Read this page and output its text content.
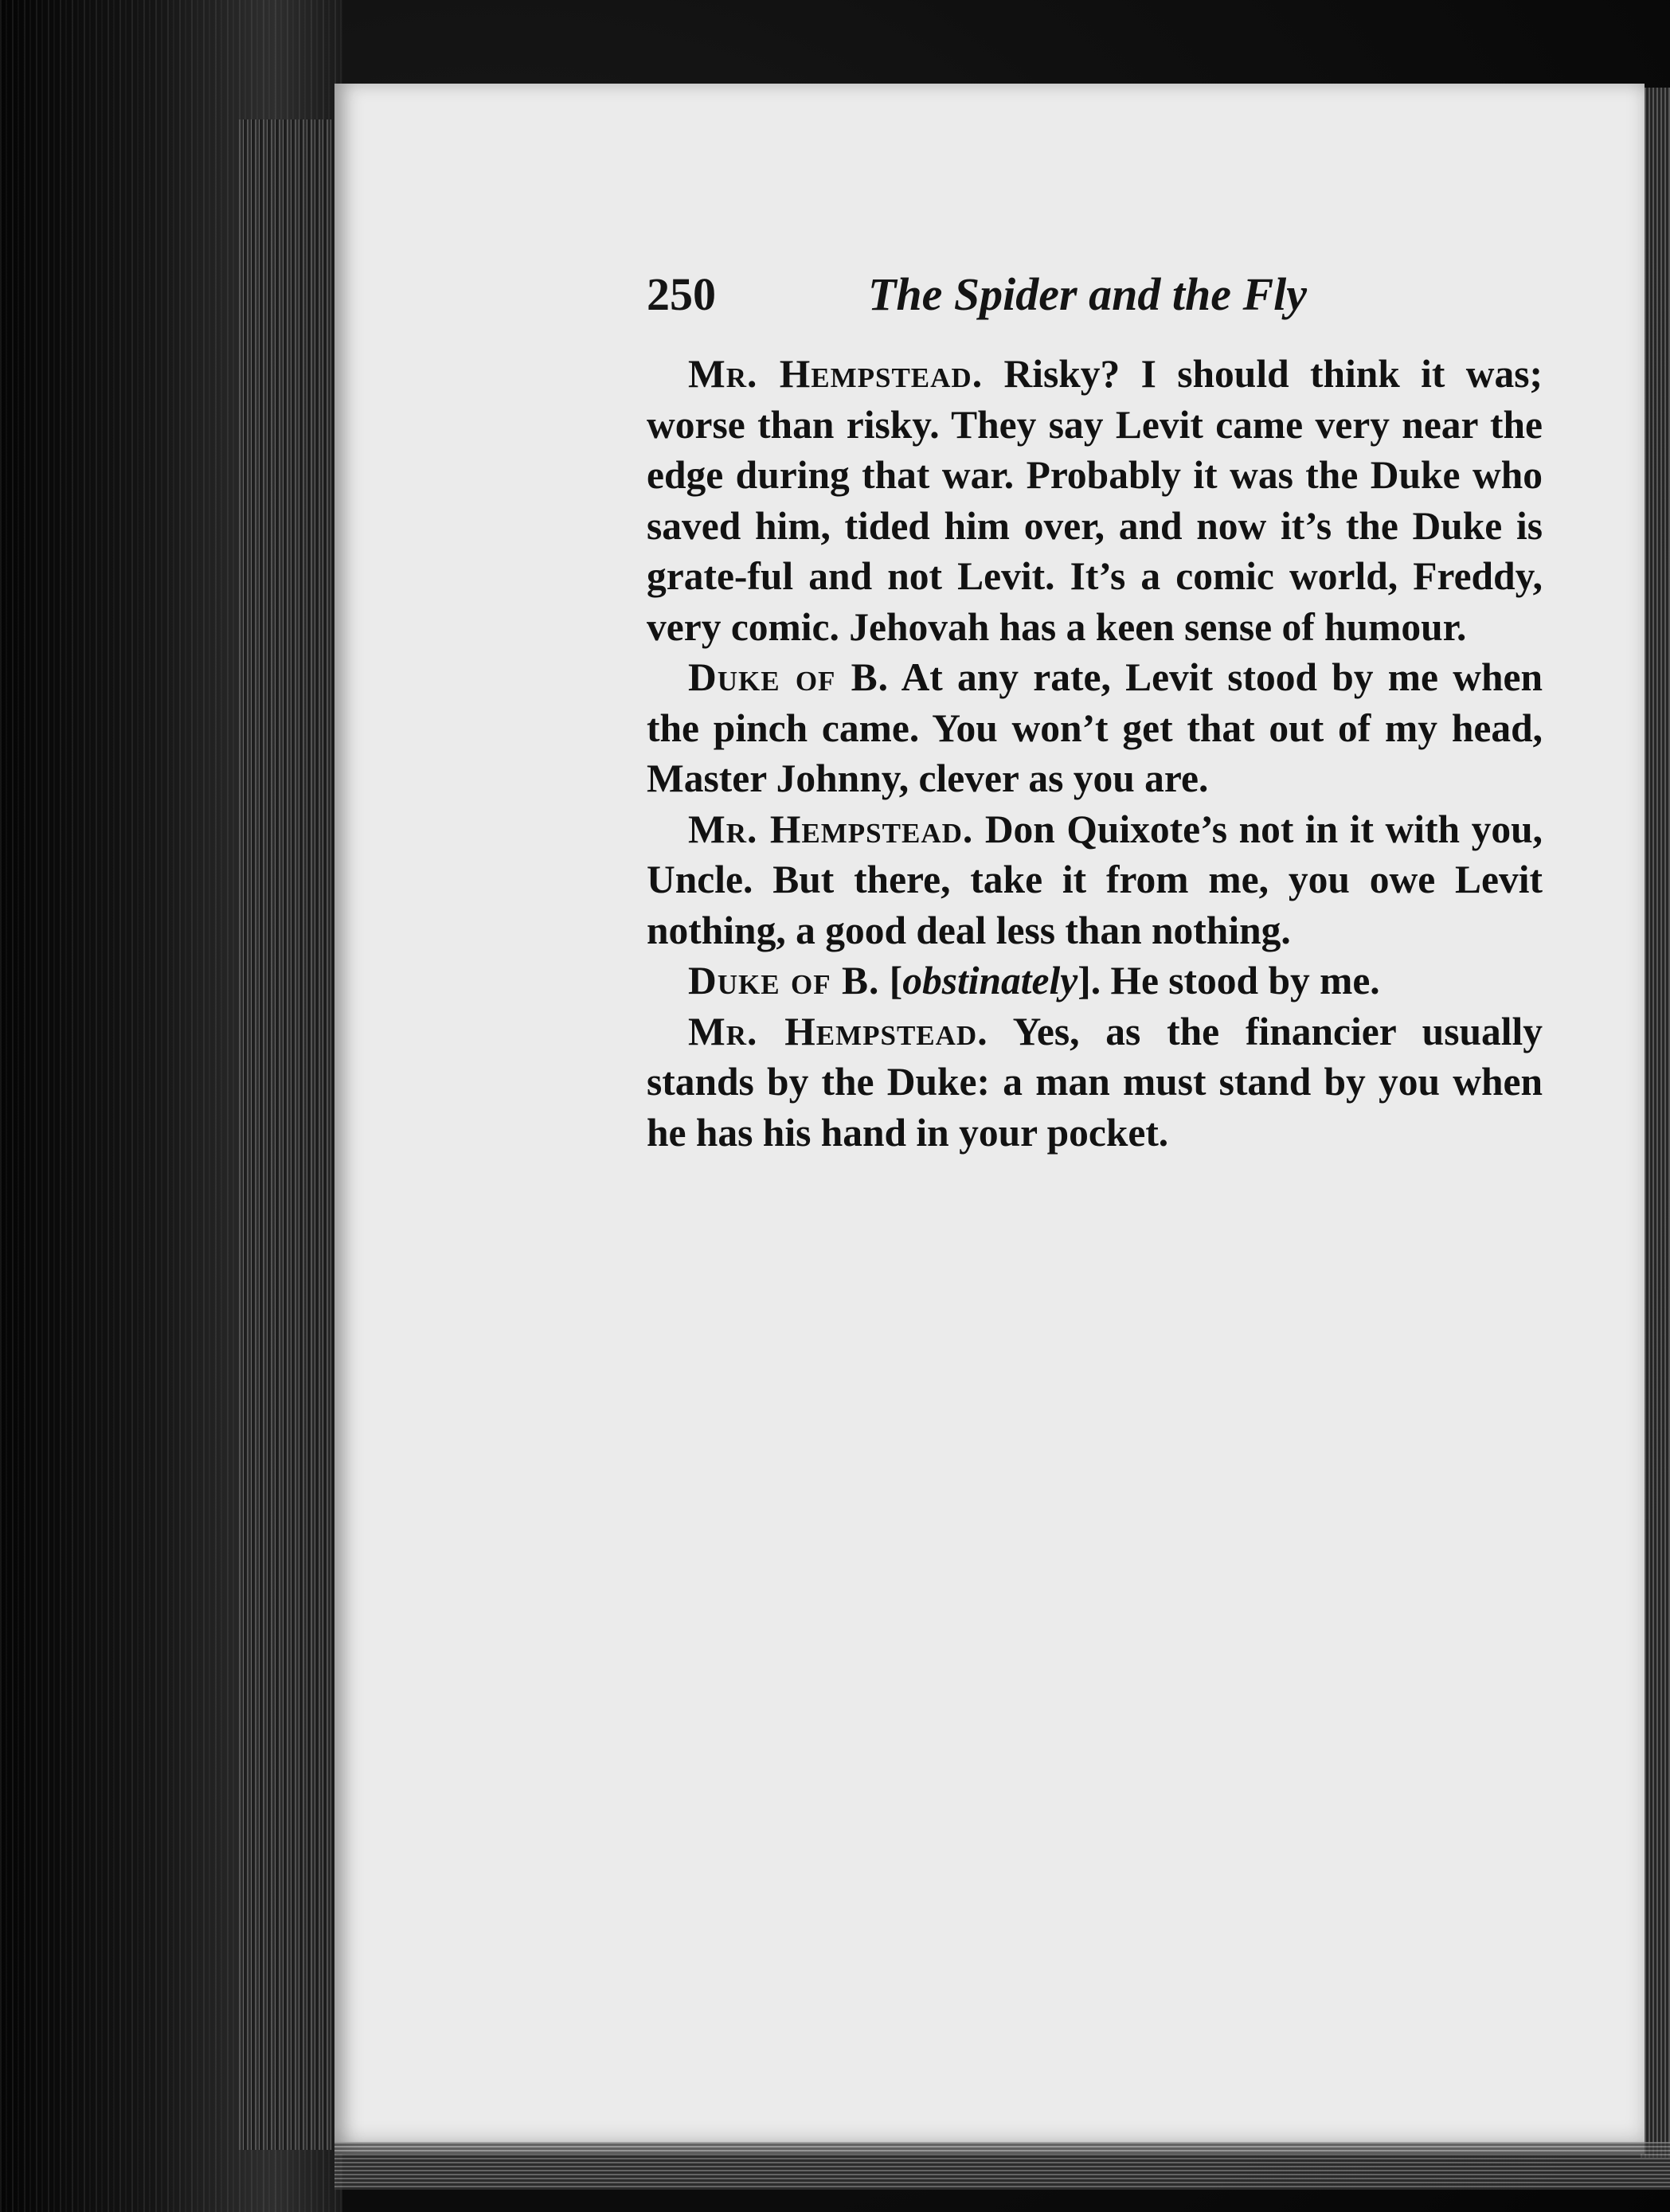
250	The Spider and the Fly

Mr. Hempstead. Risky? I should think it was; worse than risky. They say Levit came very near the edge during that war. Probably it was the Duke who saved him, tided him over, and now it’s the Duke is grate-ful and not Levit. It’s a comic world, Freddy, very comic. Jehovah has a keen sense of humour.

Duke of B. At any rate, Levit stood by me when the pinch came. You won’t get that out of my head, Master Johnny, clever as you are.

Mr. Hempstead. Don Quixote’s not in it with you, Uncle. But there, take it from me, you owe Levit nothing, a good deal less than nothing.

Duke of B. [obstinately]. He stood by me.

Mr. Hempstead. Yes, as the financier usually stands by the Duke: a man must stand by you when he has his hand in your pocket.
